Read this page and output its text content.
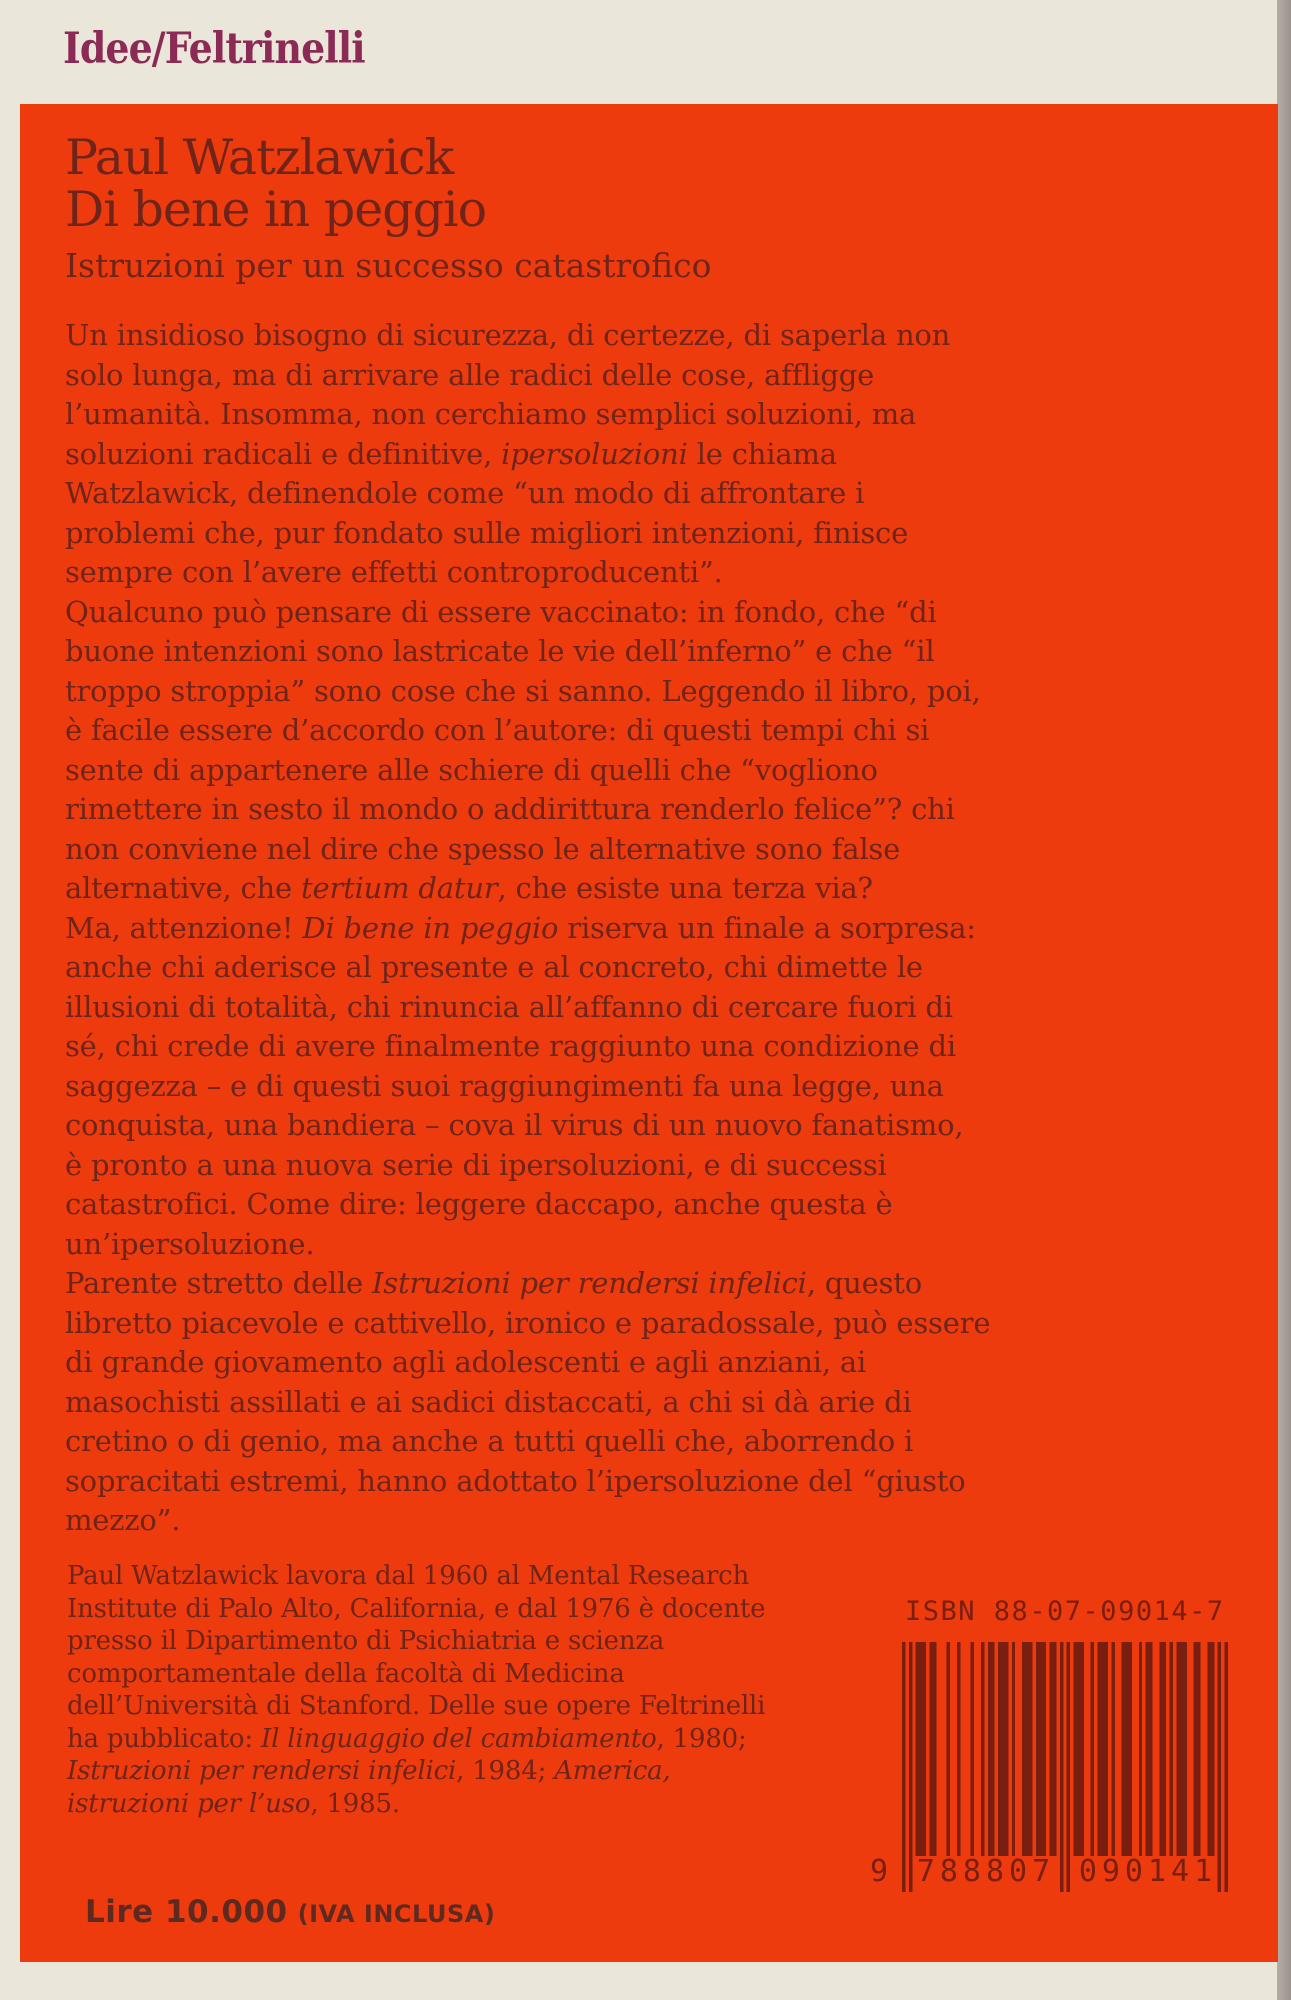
Idee/Feltrinelli
Paul Watzlawick
Di bene in peggio
Istruzioni per un successo catastrofico
Un insidioso bisogno di sicurezza, di certezze, di saperla non
solo lunga, ma di arrivare alle radici delle cose, affligge
l’umanità. Insomma, non cerchiamo semplici soluzioni, ma
soluzioni radicali e definitive, ipersoluzioni le chiama
Watzlawick, definendole come “un modo di affrontare i
problemi che, pur fondato sulle migliori intenzioni, finisce
sempre con l’avere effetti controproducenti”.
Qualcuno può pensare di essere vaccinato: in fondo, che “di
buone intenzioni sono lastricate le vie dell’inferno” e che “il
troppo stroppia” sono cose che si sanno. Leggendo il libro, poi,
è facile essere d’accordo con l’autore: di questi tempi chi si
sente di appartenere alle schiere di quelli che “vogliono
rimettere in sesto il mondo o addirittura renderlo felice”? chi
non conviene nel dire che spesso le alternative sono false
alternative, che tertium datur, che esiste una terza via?
Ma, attenzione! Di bene in peggio riserva un finale a sorpresa:
anche chi aderisce al presente e al concreto, chi dimette le
illusioni di totalità, chi rinuncia all’affanno di cercare fuori di
sé, chi crede di avere finalmente raggiunto una condizione di
saggezza – e di questi suoi raggiungimenti fa una legge, una
conquista, una bandiera – cova il virus di un nuovo fanatismo,
è pronto a una nuova serie di ipersoluzioni, e di successi
catastrofici. Come dire: leggere daccapo, anche questa è
un’ipersoluzione.
Parente stretto delle Istruzioni per rendersi infelici, questo
libretto piacevole e cattivello, ironico e paradossale, può essere
di grande giovamento agli adolescenti e agli anziani, ai
masochisti assillati e ai sadici distaccati, a chi si dà arie di
cretino o di genio, ma anche a tutti quelli che, aborrendo i
sopracitati estremi, hanno adottato l’ipersoluzione del “giusto
mezzo”.
Paul Watzlawick lavora dal 1960 al Mental Research
Institute di Palo Alto, California, e dal 1976 è docente
presso il Dipartimento di Psichiatria e scienza
comportamentale della facoltà di Medicina
dell’Università di Stanford. Delle sue opere Feltrinelli
ha pubblicato: Il linguaggio del cambiamento, 1980;
Istruzioni per rendersi infelici, 1984; America,
istruzioni per l’uso, 1985.
ISBN 88-07-09014-7
9 788807 090141
Lire 10.000 (IVA INCLUSA)
